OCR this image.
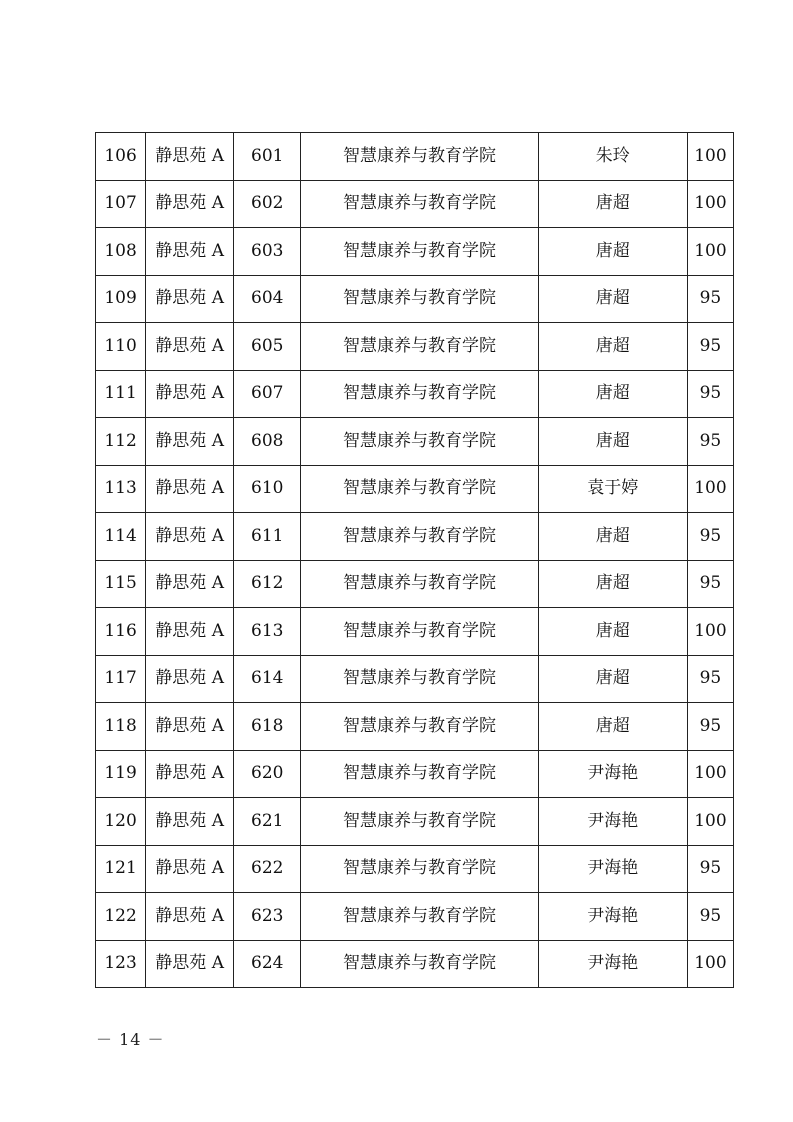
106	静思苑 A	601	智慧康养与教育学院	朱玲	100
107	静思苑 A	602	智慧康养与教育学院	唐超	100
108	静思苑 A	603	智慧康养与教育学院	唐超	100
109	静思苑 A	604	智慧康养与教育学院	唐超	95
110	静思苑 A	605	智慧康养与教育学院	唐超	95
111	静思苑 A	607	智慧康养与教育学院	唐超	95
112	静思苑 A	608	智慧康养与教育学院	唐超	95
113	静思苑 A	610	智慧康养与教育学院	袁于婷	100
114	静思苑 A	611	智慧康养与教育学院	唐超	95
115	静思苑 A	612	智慧康养与教育学院	唐超	95
116	静思苑 A	613	智慧康养与教育学院	唐超	100
117	静思苑 A	614	智慧康养与教育学院	唐超	95
118	静思苑 A	618	智慧康养与教育学院	唐超	95
119	静思苑 A	620	智慧康养与教育学院	尹海艳	100
120	静思苑 A	621	智慧康养与教育学院	尹海艳	100
121	静思苑 A	622	智慧康养与教育学院	尹海艳	95
122	静思苑 A	623	智慧康养与教育学院	尹海艳	95
123	静思苑 A	624	智慧康养与教育学院	尹海艳	100
－ 14 －
